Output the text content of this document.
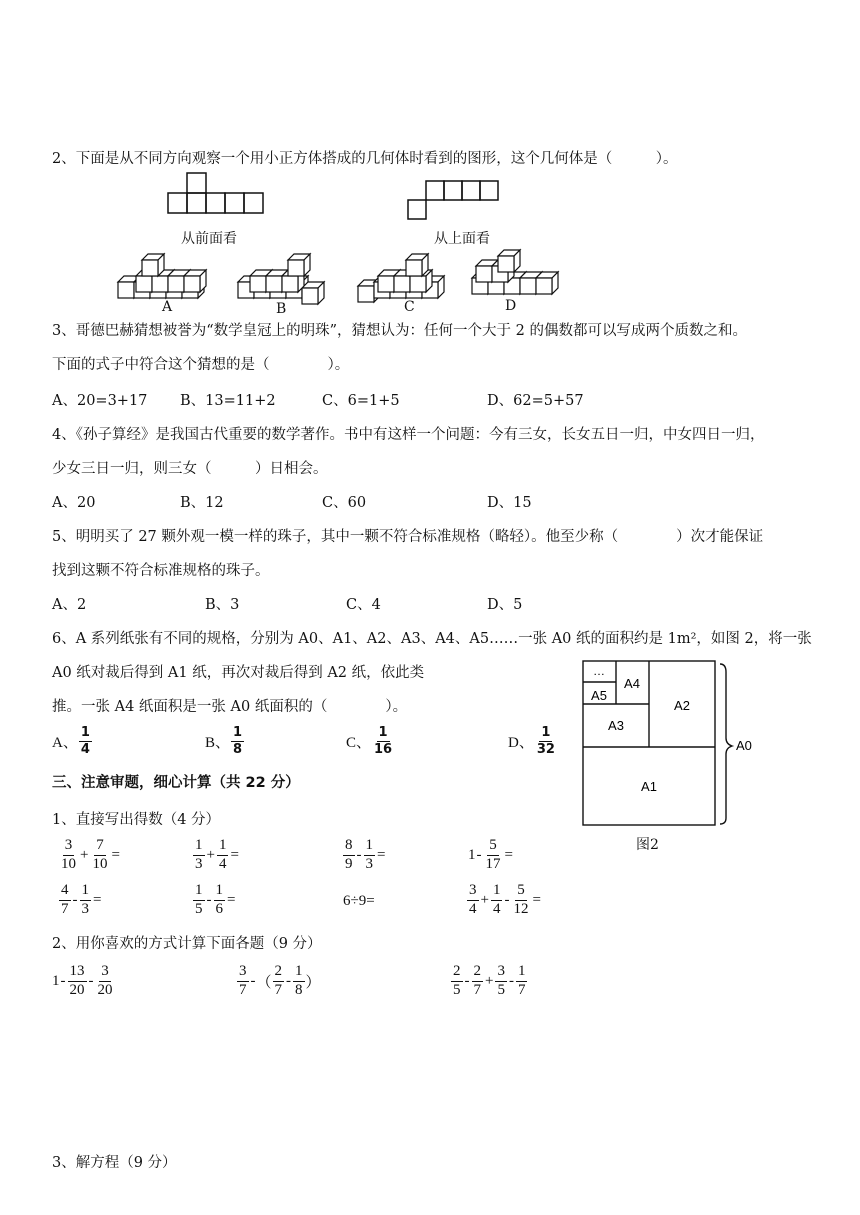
2、下面是从不同方向观察一个用小正方体搭成的几何体时看到的图形，这个几何体是（　　　）。
从前面看	从上面看
A	B	C	D
3、哥德巴赫猜想被誉为“数学皇冠上的明珠”，猜想认为：任何一个大于 2 的偶数都可以写成两个质数之和。
下面的式子中符合这个猜想的是（　　　　）。
A、20=3+17 B、13=11+2	C、6=1+5	D、62=5+57
4、《孙子算经》是我国古代重要的数学著作。书中有这样一个问题：今有三女，长女五日一归，中女四日一归，
少女三日一归，则三女（　　　）日相会。
A、20	B、12	C、60	D、15
5、明明买了 27 颗外观一模一样的珠子，其中一颗不符合标准规格（略轻）。他至少称（　　　　）次才能保证
找到这颗不符合标准规格的珠子。
A、2	B、3	C、4	D、5
6、A 系列纸张有不同的规格，分别为 A0、A1、A2、A3、A4、A5……一张 A0 纸的面积约是 1m²，如图 2，将一张
A0 纸对裁后得到 A1 纸，再次对裁后得到 A2 纸，依此类
推。一张 A4 纸面积是一张 A0 纸面积的（　　　　）。
A、 $\frac{1}{4}$	B、 $\frac{1}{8}$	C、 $\frac{1}{16}$	D、 $\frac{1}{32}$
…
A5
A4
A3
A2
A1
A0
图2
三、注意审题，细心计算（共 22 分）
1、直接写出得数（4 分）
$\frac{3}{10} + \frac{7}{10}$ =	$\frac{1}{3} + \frac{1}{4}$ =	$\frac{8}{9} - \frac{1}{3}$ =	$1 - \frac{5}{17}$ =
$\frac{4}{7} - \frac{1}{3}$ =	$\frac{1}{5} - \frac{1}{6}$ =	6÷9=	$\frac{3}{4} + \frac{1}{4} - \frac{5}{12}$ =
2、用你喜欢的方式计算下面各题（9 分）
$1 - \frac{13}{20} - \frac{3}{20}$	$\frac{3}{7}$ - （ $\frac{2}{7} - \frac{1}{8}$ ）	$\frac{2}{5} - \frac{2}{7} + \frac{3}{5} - \frac{1}{7}$
3、解方程（9 分）
